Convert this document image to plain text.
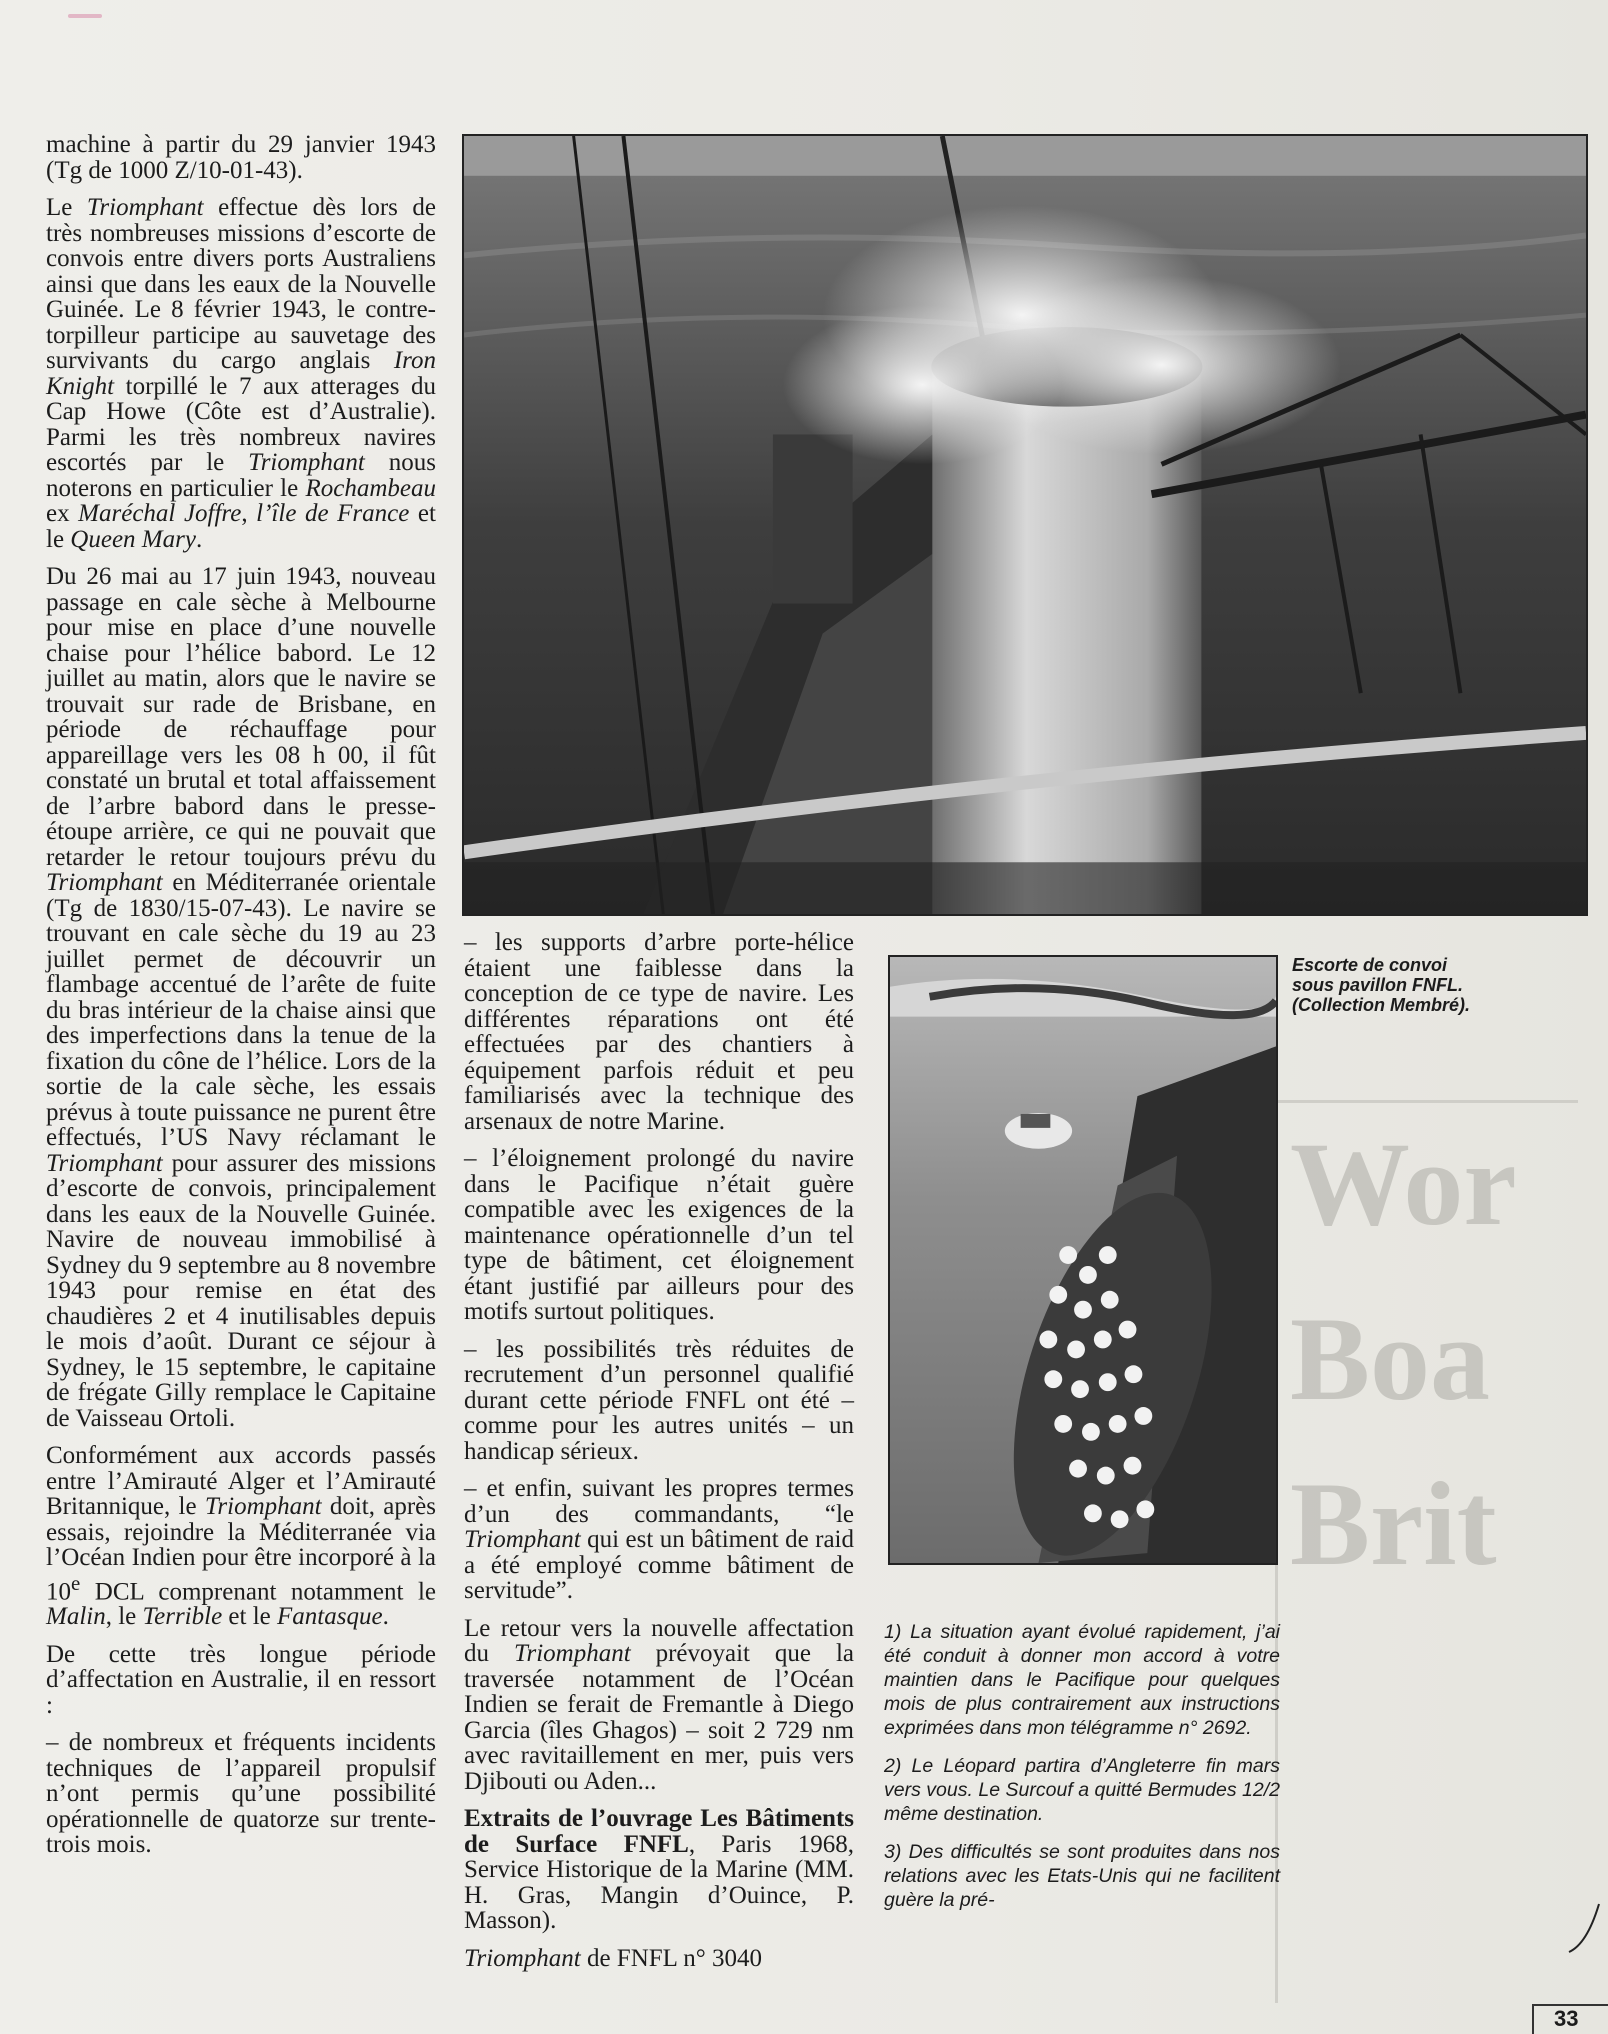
Wor
Boa
Brit

machine à partir du 29 janvier 1943 (Tg de 1000 Z/10-01-43).

Le Triomphant effectue dès lors de très nombreuses missions d’escorte de convois entre divers ports Australiens ainsi que dans les eaux de la Nouvelle Guinée. Le 8 février 1943, le contre-torpilleur participe au sauvetage des survivants du cargo anglais Iron Knight torpillé le 7 aux atterages du Cap Howe (Côte est d’Australie). Parmi les très nombreux navires escortés par le Triomphant nous noterons en particulier le Rochambeau ex Maréchal Joffre, l’île de France et le Queen Mary.

Du 26 mai au 17 juin 1943, nouveau passage en cale sèche à Melbourne pour mise en place d’une nouvelle chaise pour l’hélice babord. Le 12 juillet au matin, alors que le navire se trouvait sur rade de Brisbane, en période de réchauffage pour appareillage vers les 08 h 00, il fût constaté un brutal et total affaissement de l’arbre babord dans le presse-étoupe arrière, ce qui ne pouvait que retarder le retour toujours prévu du Triomphant en Méditerranée orientale (Tg de 1830/15-07-43). Le navire se trouvant en cale sèche du 19 au 23 juillet permet de découvrir un flambage accentué de l’arête de fuite du bras intérieur de la chaise ainsi que des imperfections dans la tenue de la fixation du cône de l’hélice. Lors de la sortie de la cale sèche, les essais prévus à toute puissance ne purent être effectués, l’US Navy réclamant le Triomphant pour assurer des missions d’escorte de convois, principalement dans les eaux de la Nouvelle Guinée. Navire de nouveau immobilisé à Sydney du 9 septembre au 8 novembre 1943 pour remise en état des chaudières 2 et 4 inutilisables depuis le mois d’août. Durant ce séjour à Sydney, le 15 septembre, le capitaine de frégate Gilly remplace le Capitaine de Vaisseau Ortoli.

Conformément aux accords passés entre l’Amirauté Alger et l’Amirauté Britannique, le Triomphant doit, après essais, rejoindre la Méditerranée via l’Océan Indien pour être incorporé à la 10e DCL comprenant notamment le Malin, le Terrible et le Fantasque.

De cette très longue période d’affectation en Australie, il en ressort :

– de nombreux et fréquents incidents techniques de l’appareil propulsif n’ont permis qu’une possibilité opérationnelle de quatorze sur trente-trois mois.

Escorte de convoi
sous pavillon FNFL.
(Collection Membré).

– les supports d’arbre porte-hélice étaient une faiblesse dans la conception de ce type de navire. Les différentes réparations ont été effectuées par des chantiers à équipement parfois réduit et peu familiarisés avec la technique des arsenaux de notre Marine.

– l’éloignement prolongé du navire dans le Pacifique n’était guère compatible avec les exigences de la maintenance opérationnelle d’un tel type de bâtiment, cet éloignement étant justifié par ailleurs pour des motifs surtout politiques.

– les possibilités très réduites de recrutement d’un personnel qualifié durant cette période FNFL ont été – comme pour les autres unités – un handicap sérieux.

– et enfin, suivant les propres termes d’un des commandants, “le Triomphant qui est un bâtiment de raid a été employé comme bâtiment de servitude”.

Le retour vers la nouvelle affectation du Triomphant prévoyait que la traversée notamment de l’Océan Indien se ferait de Fremantle à Diego Garcia (îles Ghagos) – soit 2 729 nm avec ravitaillement en mer, puis vers Djibouti ou Aden...

Extraits de l’ouvrage Les Bâtiments de Surface FNFL, Paris 1968, Service Historique de la Marine (MM. H. Gras, Mangin d’Ouince, P. Masson).

Triomphant de FNFL n° 3040

1) La situation ayant évolué rapidement, j’ai été conduit à donner mon accord à votre maintien dans le Pacifique pour quelques mois de plus contrairement aux instructions exprimées dans mon télégramme n° 2692.

2) Le Léopard partira d’Angleterre fin mars vers vous. Le Surcouf a quitté Bermudes 12/2 même destination.

3) Des difficultés se sont produites dans nos relations avec les Etats-Unis qui ne facilitent guère la pré-

33
